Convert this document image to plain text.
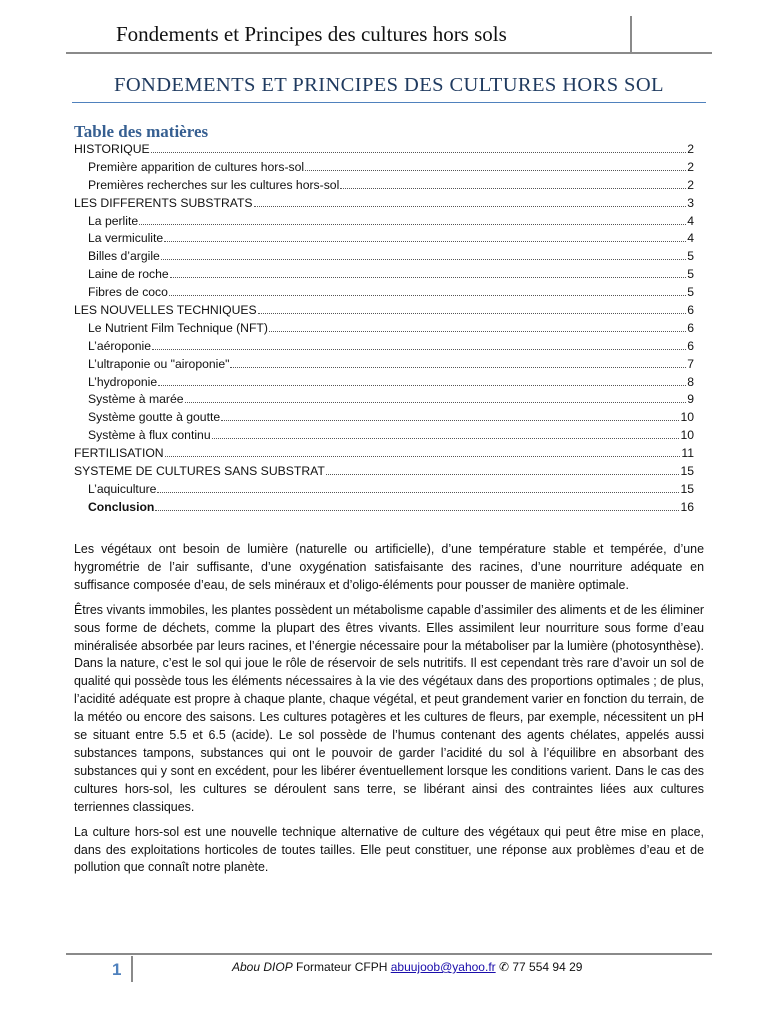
Fondements et Principes des cultures hors sols
FONDEMENTS ET PRINCIPES DES CULTURES HORS SOL
Table des matières
HISTORIQUE	2
Première apparition de cultures hors-sol	2
Premières recherches sur les cultures hors-sol	2
LES DIFFERENTS SUBSTRATS	3
La perlite	4
La vermiculite	4
Billes d’argile	5
Laine de roche	5
Fibres de coco	5
LES NOUVELLES TECHNIQUES	6
Le Nutrient Film Technique (NFT)	6
L’aéroponie	6
L’ultraponie ou "airoponie"	7
L’hydroponie	8
Système à marée	9
Système goutte à goutte	10
Système à flux continu	10
FERTILISATION	11
SYSTEME DE CULTURES SANS SUBSTRAT	15
L’aquiculture	15
Conclusion	16

Les végétaux ont besoin de lumière (naturelle ou artificielle), d’une température stable et tempérée, d’une hygrométrie de l’air suffisante, d’une oxygénation satisfaisante des racines, d’une nourriture adéquate en suffisance composée d’eau, de sels minéraux et d’oligo-éléments pour pousser de manière optimale.

Êtres vivants immobiles, les plantes possèdent un métabolisme capable d’assimiler des aliments et de les éliminer sous forme de déchets, comme la plupart des êtres vivants. Elles assimilent leur nourriture sous forme d’eau minéralisée absorbée par leurs racines, et l’énergie nécessaire pour la métaboliser par la lumière (photosynthèse). Dans la nature, c’est le sol qui joue le rôle de réservoir de sels nutritifs. Il est cependant très rare d’avoir un sol de qualité qui possède tous les éléments nécessaires à la vie des végétaux dans des proportions optimales ; de plus, l’acidité adéquate est propre à chaque plante, chaque végétal, et peut grandement varier en fonction du terrain, de la météo ou encore des saisons. Les cultures potagères et les cultures de fleurs, par exemple, nécessitent un pH se situant entre 5.5 et 6.5 (acide). Le sol possède de l’humus contenant des agents chélates, appelés aussi substances tampons, substances qui ont le pouvoir de garder l’acidité du sol à l’équilibre en absorbant des substances qui y sont en excédent, pour les libérer éventuellement lorsque les conditions varient. Dans le cas des cultures hors-sol, les cultures se déroulent sans terre, se libérant ainsi des contraintes liées aux cultures terriennes classiques.

La culture hors-sol est une nouvelle technique alternative de culture des végétaux qui peut être mise en place, dans des exploitations horticoles de toutes tailles. Elle peut constituer, une réponse aux problèmes d’eau et de pollution que connaît notre planète.

1	Abou DIOP Formateur CFPH abuujoob@yahoo.fr ✆ 77 554 94 29
